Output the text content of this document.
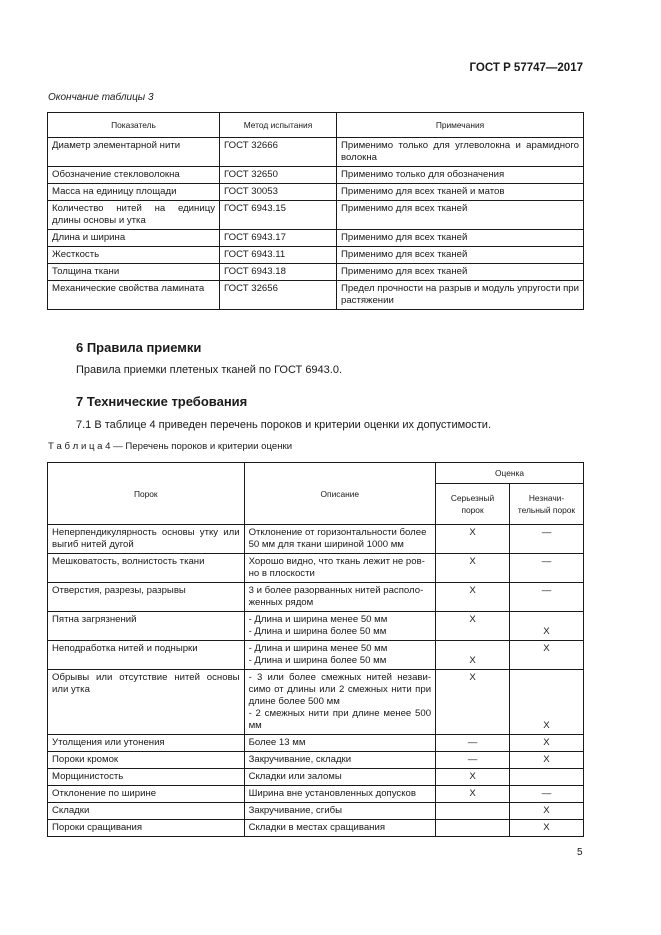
ГОСТ Р 57747—2017
Окончание таблицы 3
Показатель	Метод испытания	Примечания
Диаметр элементарной нити	ГОСТ 32666	Применимо только для углеволокна и арамидного волокна
Обозначение стекловолокна	ГОСТ 32650	Применимо только для обозначения
Масса на единицу площади	ГОСТ 30053	Применимо для всех тканей и матов
Количество нитей на единицу длины основы и утка	ГОСТ 6943.15	Применимо для всех тканей
Длина и ширина	ГОСТ 6943.17	Применимо для всех тканей
Жесткость	ГОСТ 6943.11	Применимо для всех тканей
Толщина ткани	ГОСТ 6943.18	Применимо для всех тканей
Механические свойства ламината	ГОСТ 32656	Предел прочности на разрыв и модуль упругости при растяжении
6 Правила приемки
Правила приемки плетеных тканей по ГОСТ 6943.0.
7 Технические требования
7.1 В таблице 4 приведен перечень пороков и критерии оценки их допустимости.
Т а б л и ц а 4 — Перечень пороков и критерии оценки
Порок	Описание	Оценка	
		Серьезный порок	Незначи- тельный порок
Неперпендикулярность основы утку или выгиб нитей дугой	Отклонение от горизонтальности более 50 мм для ткани шириной 1000 мм	X	—
Мешковатость, волнистость ткани	Хорошо видно, что ткань лежит не ров- но в плоскости	X	—
Отверстия, разрезы, разрывы	3 и более разорванных нитей располо- женных рядом	X	—
Пятна загрязнений	- Длина и ширина менее 50 мм
- Длина и ширина более 50 мм	X	X

Неподработка нитей и поднырки	- Длина и ширина менее 50 мм
- Длина и ширина более 50 мм	X	X

Обрывы или отсутствие нитей основы или утка	- 3 или более смежных нитей незави- симо от длины или 2 смежных нити при длине более 500 мм
- 2 смежных нити при длине менее 500 мм	X	X

Утолщения или утонения	Более 13 мм	—	X
Пороки кромок	Закручивание, складки	—	X
Морщинистость	Складки или заломы	X	
Отклонение по ширине	Ширина вне установленных допусков	X	—
Складки	Закручивание, сгибы		X
Пороки сращивания	Складки в местах сращивания		X
5
